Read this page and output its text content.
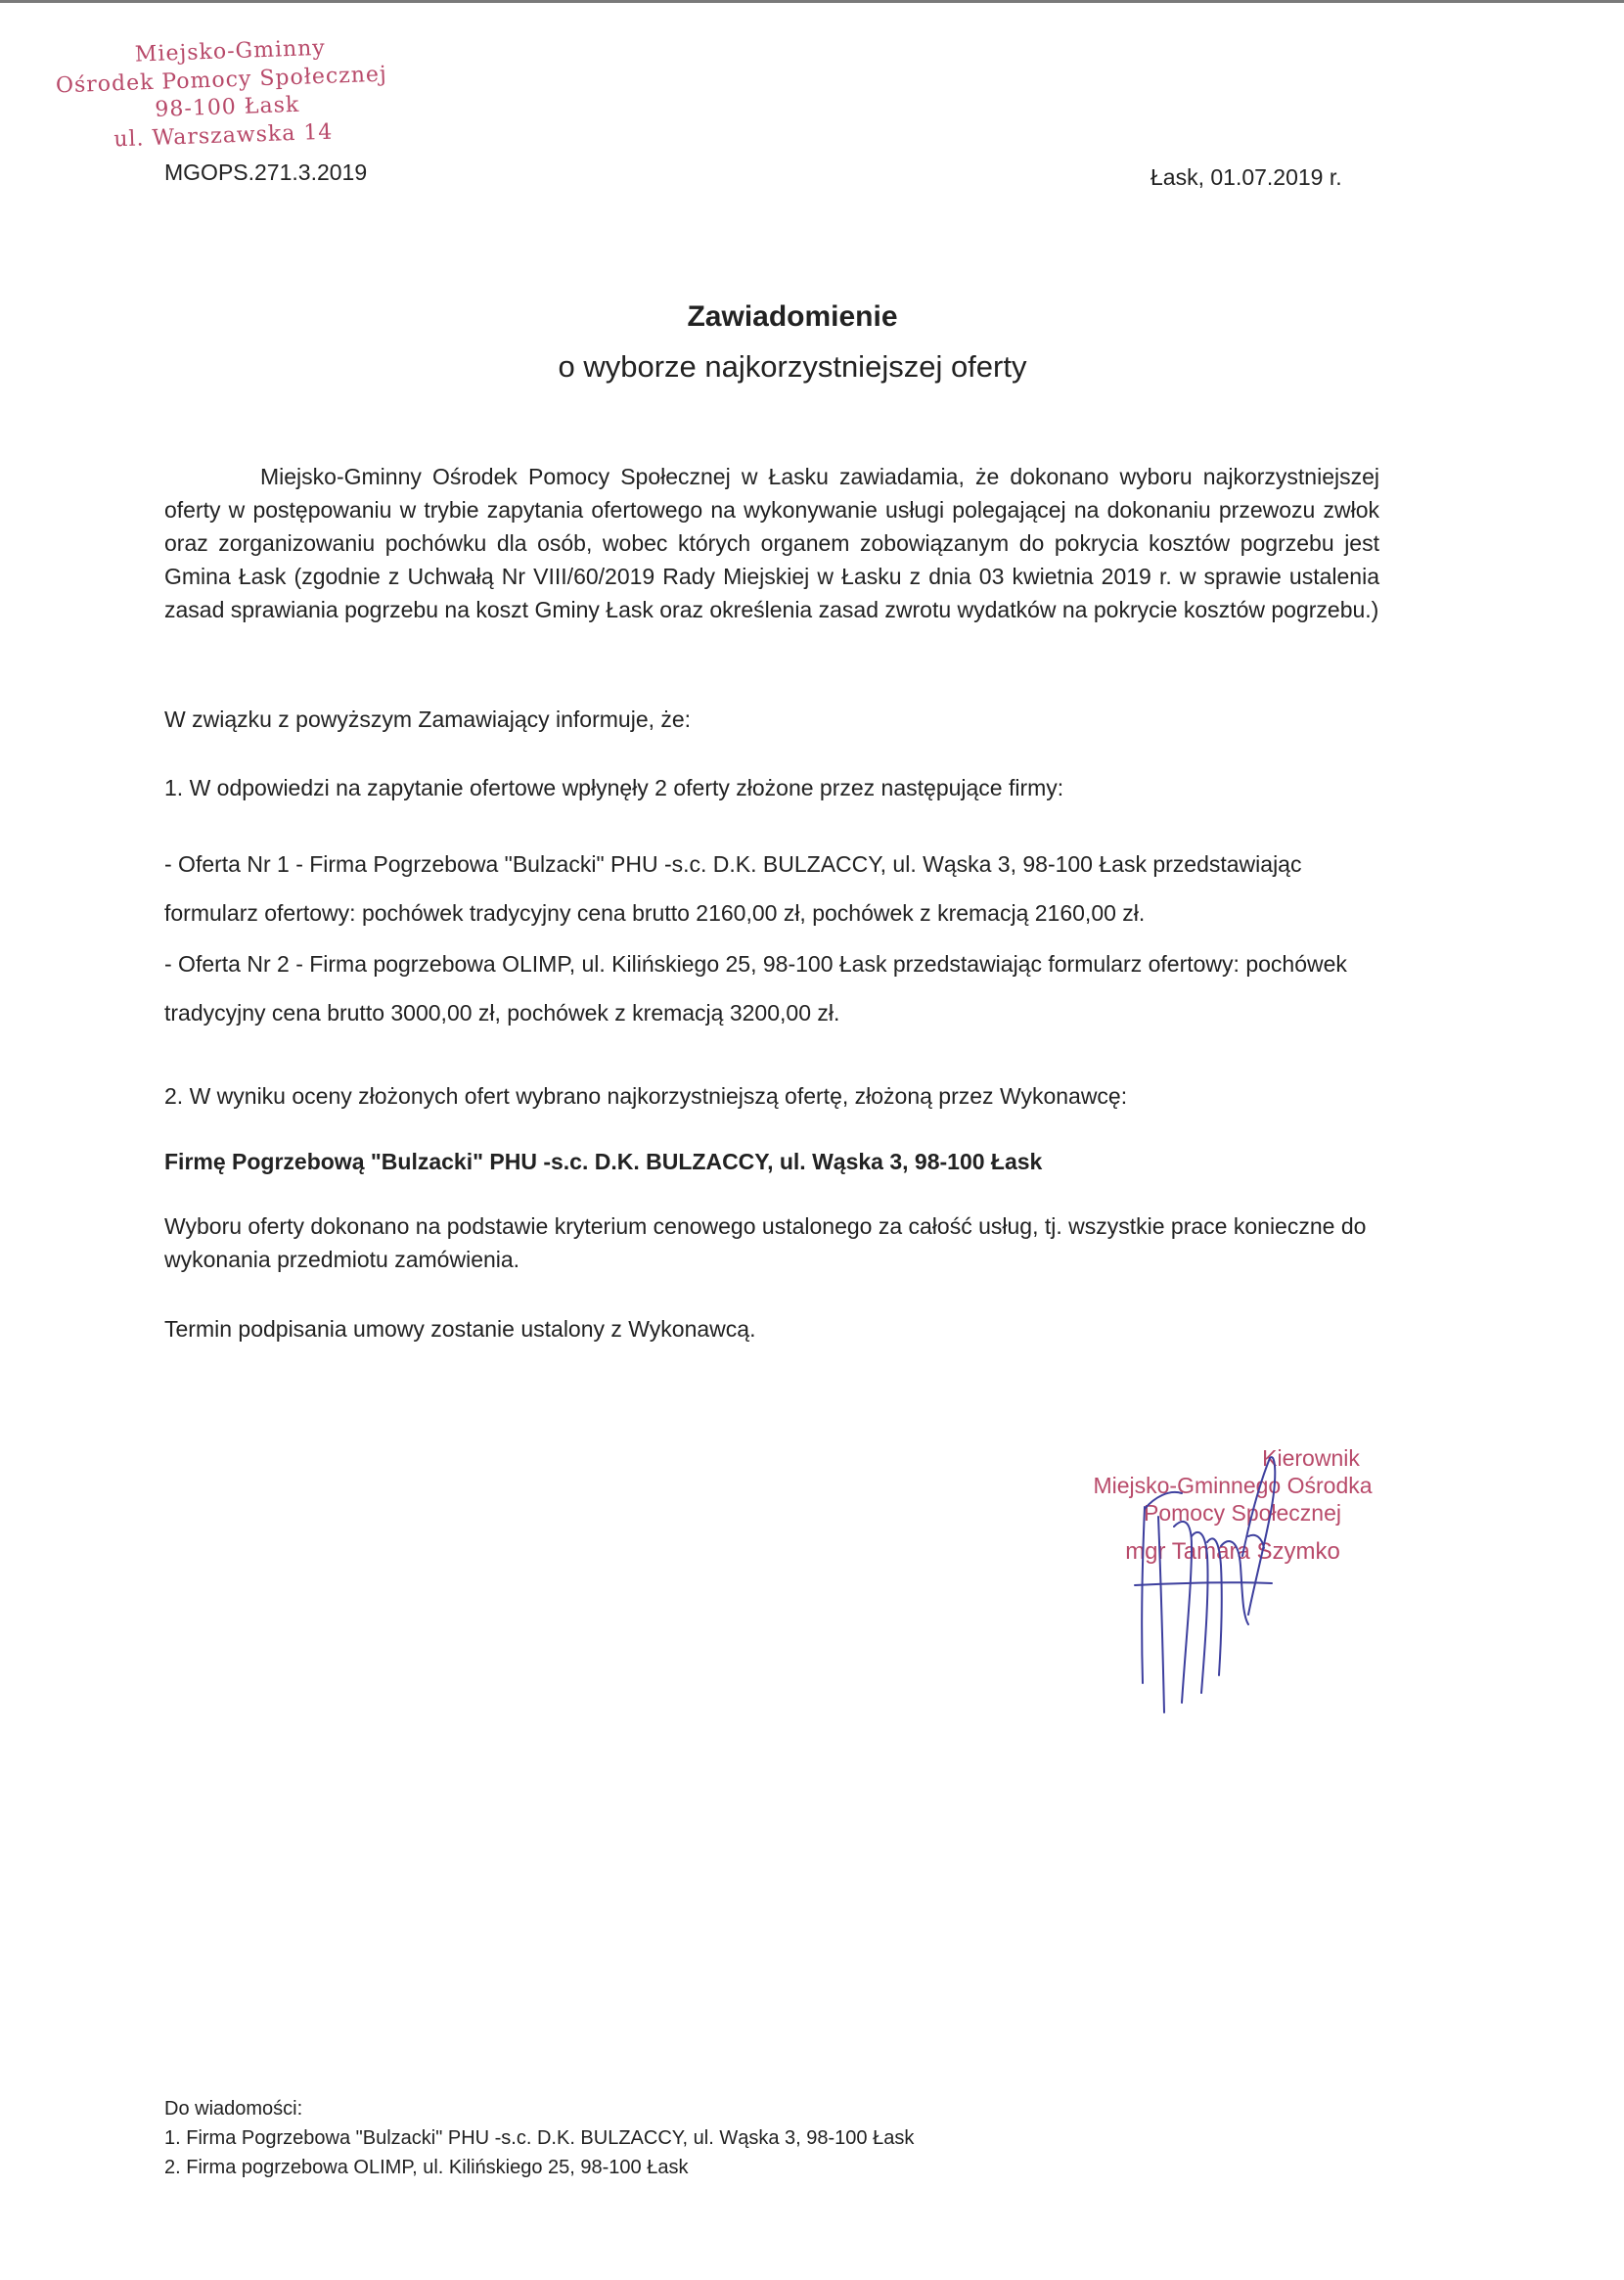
Miejsko-Gminny
Ośrodek Pomocy Społecznej
98-100 Łask
ul. Warszawska 14
MGOPS.271.3.2019	Łask, 01.07.2019 r.
Zawiadomienie
o wyborze najkorzystniejszej oferty
Miejsko-Gminny Ośrodek Pomocy Społecznej w Łasku zawiadamia, że dokonano wyboru najkorzystniejszej oferty w postępowaniu w trybie zapytania ofertowego na wykonywanie usługi polegającej na dokonaniu przewozu zwłok oraz zorganizowaniu pochówku dla osób, wobec których organem zobowiązanym do pokrycia kosztów pogrzebu jest Gmina Łask (zgodnie z Uchwałą Nr VIII/60/2019 Rady Miejskiej w Łasku z dnia 03 kwietnia 2019 r. w sprawie ustalenia zasad sprawiania pogrzebu na koszt Gminy Łask oraz określenia zasad zwrotu wydatków na pokrycie kosztów pogrzebu.)
W związku z powyższym Zamawiający informuje, że:
1. W odpowiedzi na zapytanie ofertowe wpłynęły 2 oferty złożone przez następujące firmy:
- Oferta Nr 1 - Firma Pogrzebowa "Bulzacki" PHU -s.c. D.K. BULZACCY, ul. Wąska 3, 98-100 Łask przedstawiając formularz ofertowy: pochówek tradycyjny cena brutto 2160,00 zł, pochówek z kremacją 2160,00 zł.
- Oferta Nr 2 - Firma pogrzebowa OLIMP, ul. Kilińskiego 25, 98-100 Łask przedstawiając formularz ofertowy: pochówek tradycyjny cena brutto 3000,00 zł, pochówek z kremacją 3200,00 zł.
2. W wyniku oceny złożonych ofert wybrano najkorzystniejszą ofertę, złożoną przez Wykonawcę:
Firmę Pogrzebową "Bulzacki" PHU -s.c. D.K. BULZACCY, ul. Wąska 3, 98-100 Łask
Wyboru oferty dokonano na podstawie kryterium cenowego ustalonego za całość usług, tj. wszystkie prace konieczne do wykonania przedmiotu zamówienia.
Termin podpisania umowy zostanie ustalony z Wykonawcą.
Kierownik
Miejsko-Gminnego Ośrodka
Pomocy Społecznej
mgr Tamara Szymko
Do wiadomości:
1. Firma Pogrzebowa "Bulzacki" PHU -s.c. D.K. BULZACCY, ul. Wąska 3, 98-100 Łask
2. Firma pogrzebowa OLIMP, ul. Kilińskiego 25, 98-100 Łask
